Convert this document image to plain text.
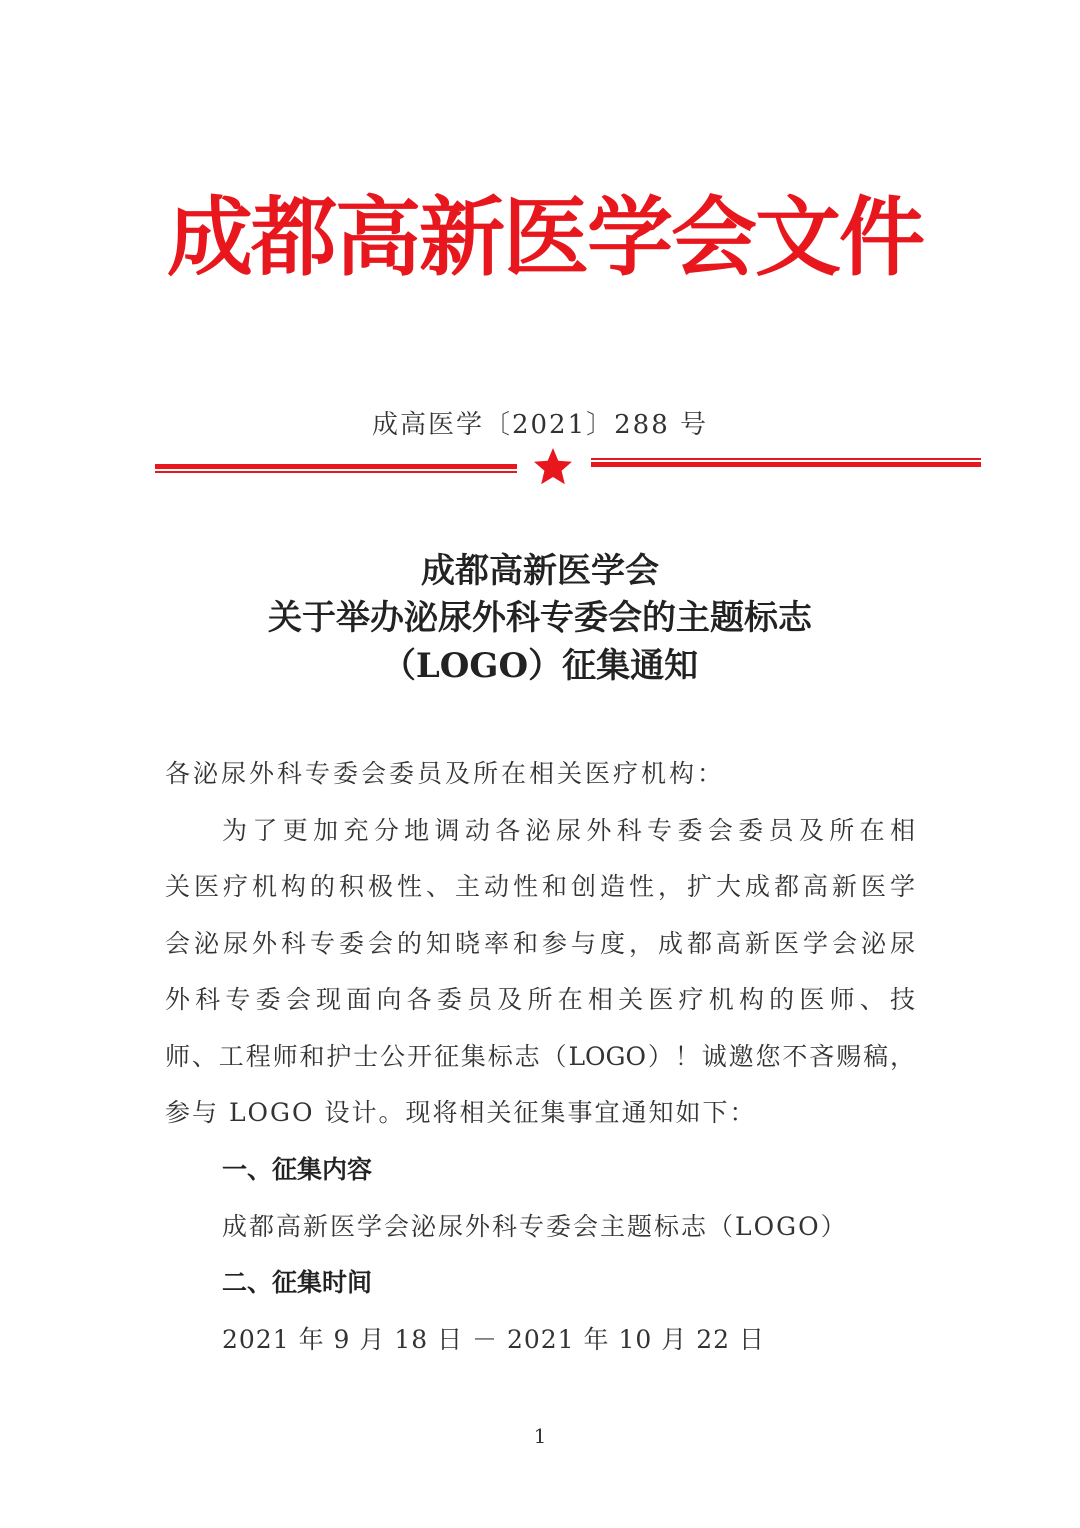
成都高新医学会文件
成高医学〔2021〕288 号
成都高新医学会
关于举办泌尿外科专委会的主题标志
（LOGO）征集通知
各泌尿外科专委会委员及所在相关医疗机构：
为了更加充分地调动各泌尿外科专委会委员及所在相
关医疗机构的积极性、主动性和创造性，扩大成都高新医学
会泌尿外科专委会的知晓率和参与度，成都高新医学会泌尿
外科专委会现面向各委员及所在相关医疗机构的医师、技
师、工程师和护士公开征集标志（LOGO）！诚邀您不吝赐稿，
参与 LOGO 设计。现将相关征集事宜通知如下：
一、征集内容
成都高新医学会泌尿外科专委会主题标志（LOGO）
二、征集时间
2021 年 9 月 18 日 － 2021 年 10 月 22 日
1
